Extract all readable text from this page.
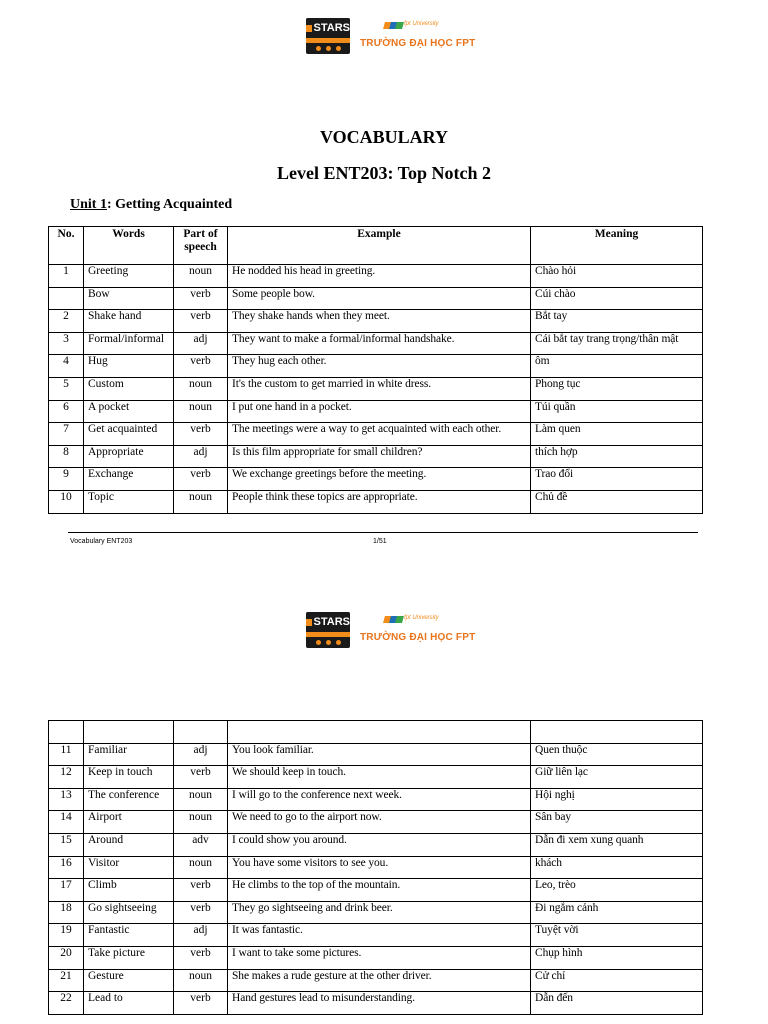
STARS	fpt University
TRƯỜNG ĐẠI HỌC FPT
VOCABULARY
Level ENT203: Top Notch 2
Unit 1: Getting Acquainted
No.	Words	Part of speech	Example	Meaning
1	Greeting	noun	He nodded his head in greeting.	Chào hỏi
	Bow	verb	Some people bow.	Cúi chào
2	Shake hand	verb	They shake hands when they meet.	Bắt tay
3	Formal/informal	adj	They want to make a formal/informal handshake.	Cái bắt tay trang trọng/thân mật
4	Hug	verb	They hug each other.	ôm
5	Custom	noun	It's the custom to get married in white dress.	Phong tục
6	A pocket	noun	I put one hand in a pocket.	Túi quần
7	Get acquainted	verb	The meetings were a way to get acquainted with each other.	Làm quen
8	Appropriate	adj	Is this film appropriate for small children?	thích hợp
9	Exchange	verb	We exchange greetings before the meeting.	Trao đổi
10	Topic	noun	People think these topics are appropriate.	Chủ đề
Vocabulary ENT203	1/51
STARS	fpt University
TRƯỜNG ĐẠI HỌC FPT

11	Familiar	adj	You look familiar.	Quen thuộc
12	Keep in touch	verb	We should keep in touch.	Giữ liên lạc
13	The conference	noun	I will go to the conference next week.	Hội nghị
14	Airport	noun	We need to go to the airport now.	Sân bay
15	Around	adv	I could show you around.	Dẫn đi xem xung quanh
16	Visitor	noun	You have some visitors to see you.	khách
17	Climb	verb	He climbs to the top of the mountain.	Leo, trèo
18	Go sightseeing	verb	They go sightseeing and drink beer.	Đi ngắm cảnh
19	Fantastic	adj	It was fantastic.	Tuyệt vời
20	Take picture	verb	I want to take some pictures.	Chụp hình
21	Gesture	noun	She makes a rude gesture at the other driver.	Cử chỉ
22	Lead to	verb	Hand gestures lead to misunderstanding.	Dẫn đến
